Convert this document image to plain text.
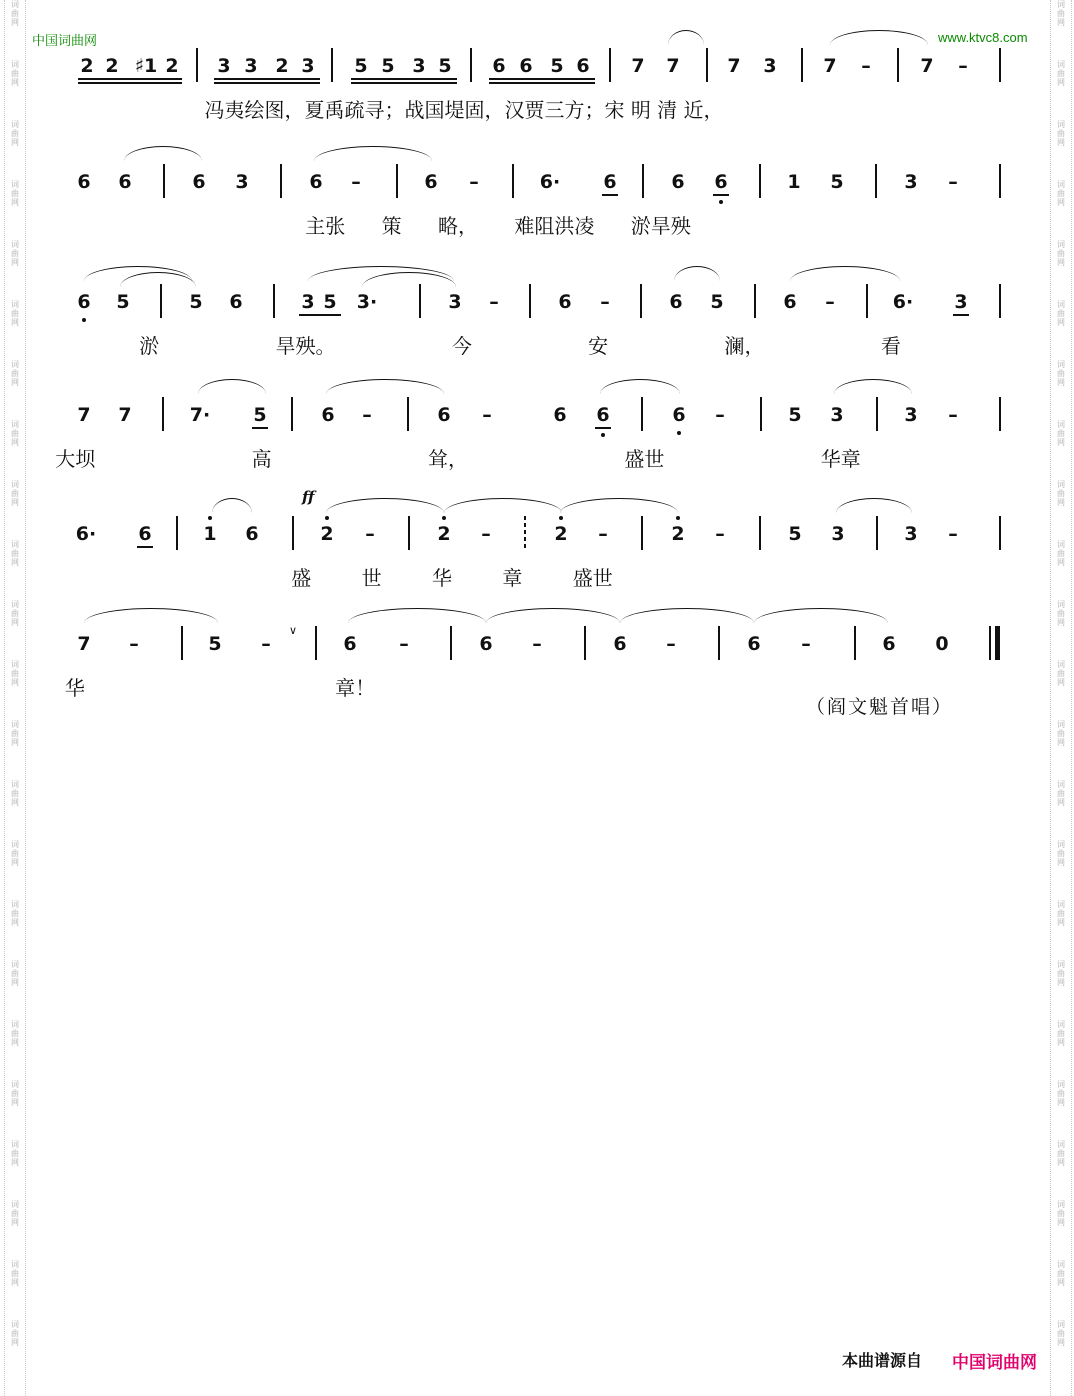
词
曲
网
词
曲
网
词
曲
网
词
曲
网
词
曲
网
词
曲
网
词
曲
网
词
曲
网
词
曲
网
词
曲
网
词
曲
网
词
曲
网
词
曲
网
词
曲
网
词
曲
网
词
曲
网
词
曲
网
词
曲
网
词
曲
网
词
曲
网
词
曲
网
词
曲
网
词
曲
网
词
曲
网
词
曲
网
词
曲
网
词
曲
网
词
曲
网
词
曲
网
词
曲
网
词
曲
网
词
曲
网
词
曲
网
词
曲
网
词
曲
网
词
曲
网
词
曲
网
词
曲
网
词
曲
网
词
曲
网
词
曲
网
词
曲
网
词
曲
网
词
曲
网
词
曲
网
词
曲
网
中国词曲网	www.ktvc8.com
2 2 ♯1 2 3 3 2 3 5 5 3 5 6 6 5 6 7 7	7 3 7 –	7 –
冯夷绘图，夏禹疏寻；战国堤固，汉贾三方；宋 明 清 近，
6 6	6 3	6 –	6 –	6· 6	6 6	1 5	3 –
主张 策 略， 难阻洪凌 淤旱殃
6 5	5 6	3 5 3·	3 –	6 –	6 5	6 –	6· 3
淤 旱殃。 今 安 澜， 看
7 7	7· 5	6 –	6 –	6 6	6 –	5 3	3 –
大坝 高 耸， 盛世 华章
6· 6	1 6
ff
2 –	2 –	2 –	2 –	5 3	3 –
盛 世 华 章 盛世
7 –	5 –
∨
6 –	6 –	6 –	6 –	6 0
华 章！
（阎文魁首唱）
本曲谱源自 中国词曲网
